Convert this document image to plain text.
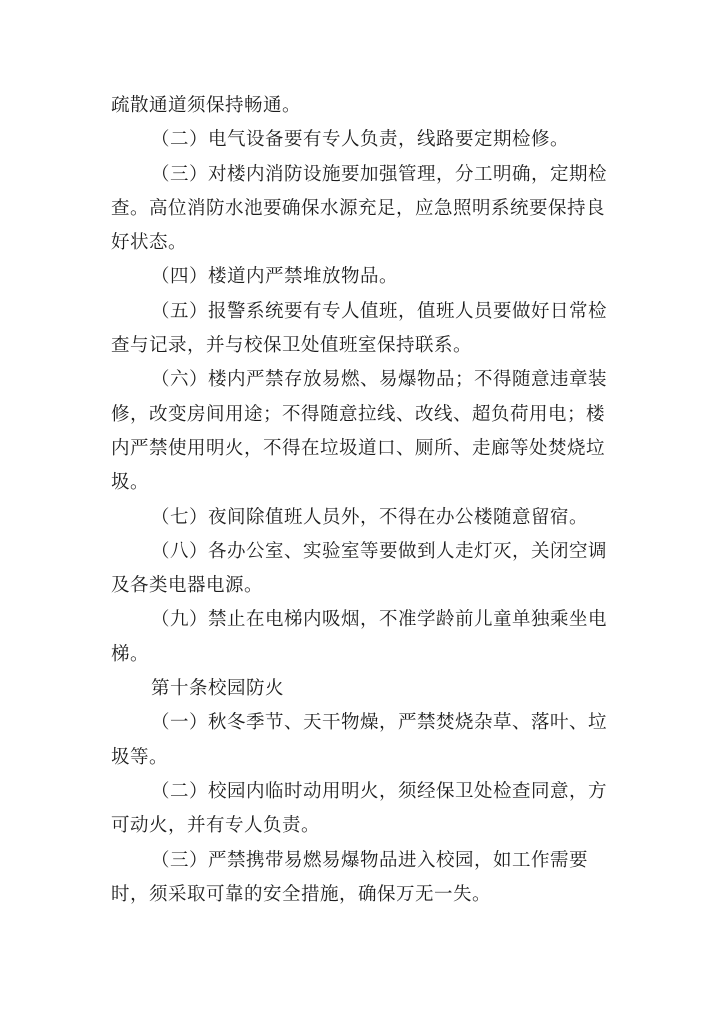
疏散通道须保持畅通。

（二）电气设备要有专人负责，线路要定期检修。

（三）对楼内消防设施要加强管理，分工明确，定期检查。高位消防水池要确保水源充足，应急照明系统要保持良好状态。

（四）楼道内严禁堆放物品。

（五）报警系统要有专人值班，值班人员要做好日常检查与记录，并与校保卫处值班室保持联系。

（六）楼内严禁存放易燃、易爆物品；不得随意违章装修，改变房间用途；不得随意拉线、改线、超负荷用电；楼内严禁使用明火，不得在垃圾道口、厕所、走廊等处焚烧垃圾。

（七）夜间除值班人员外，不得在办公楼随意留宿。

（八）各办公室、实验室等要做到人走灯灭，关闭空调及各类电器电源。

（九）禁止在电梯内吸烟，不准学龄前儿童单独乘坐电梯。

第十条校园防火

（一）秋冬季节、天干物燥，严禁焚烧杂草、落叶、垃圾等。

（二）校园内临时动用明火，须经保卫处检查同意，方可动火，并有专人负责。

（三）严禁携带易燃易爆物品进入校园，如工作需要时，须采取可靠的安全措施，确保万无一失。
